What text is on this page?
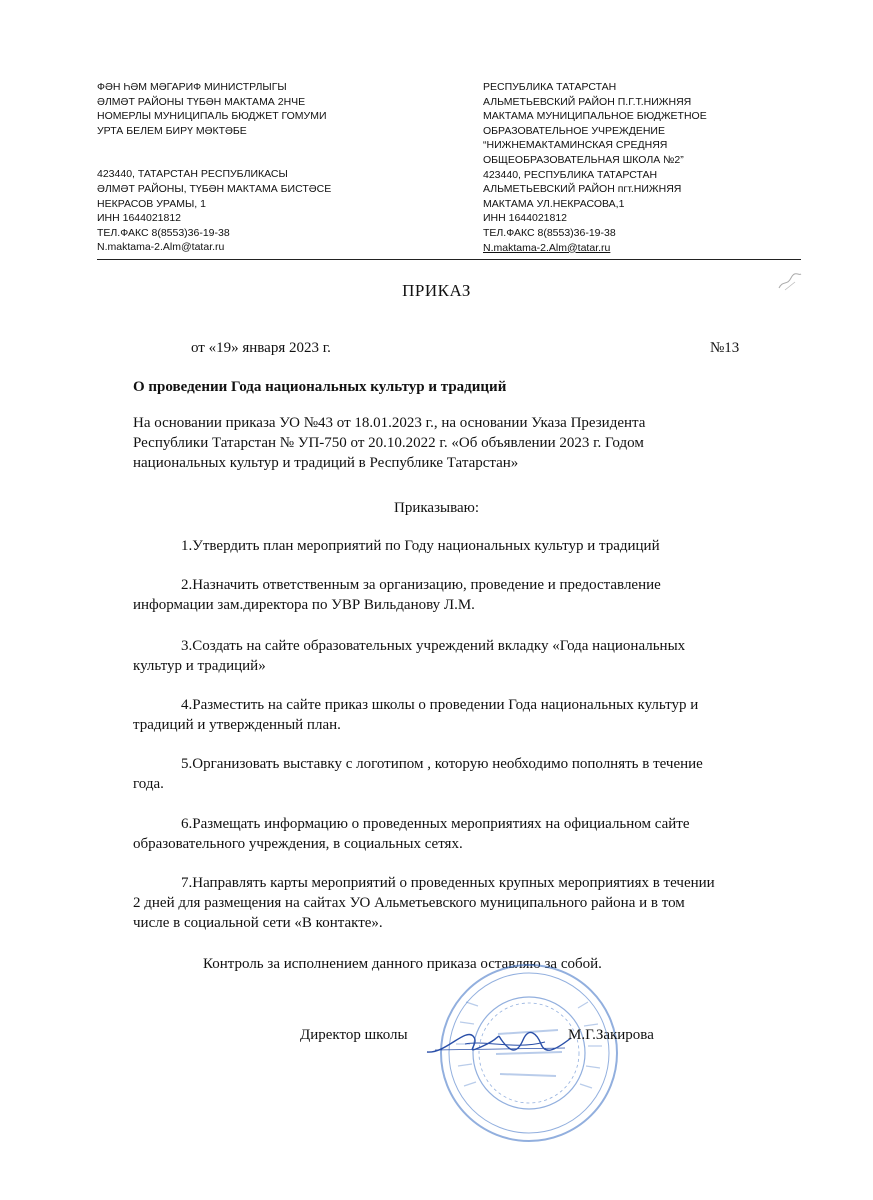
ФӘН ҺӘМ МӘГАРИФ МИНИСТРЛЫГЫ
ӘЛМӘТ РАЙОНЫ ТҮБӘН МАКТАМА 2НЧЕ
НОМЕРЛЫ МУНИЦИПАЛЬ БЮДЖЕТ ГОМУМИ
УРТА БЕЛЕМ БИРҮ МӘКТӘБЕ
423440, ТАТАРСТАН РЕСПУБЛИКАСЫ
ӘЛМӘТ РАЙОНЫ, ТҮБӘН МАКТАМА БИСТӘСЕ
НЕКРАСОВ УРАМЫ, 1
ИНН 1644021812
ТЕЛ.ФАКС 8(8553)36-19-38
N.maktama-2.Alm@tatar.ru
РЕСПУБЛИКА ТАТАРСТАН
АЛЬМЕТЬЕВСКИЙ РАЙОН П.Г.Т.НИЖНЯЯ
МАКТАМА МУНИЦИПАЛЬНОЕ БЮДЖЕТНОЕ
ОБРАЗОВАТЕЛЬНОЕ УЧРЕЖДЕНИЕ
“НИЖНЕМАКТАМИНСКАЯ СРЕДНЯЯ
ОБЩЕОБРАЗОВАТЕЛЬНАЯ ШКОЛА №2”
423440, РЕСПУБЛИКА ТАТАРСТАН
АЛЬМЕТЬЕВСКИЙ РАЙОН пгт.НИЖНЯЯ
МАКТАМА УЛ.НЕКРАСОВА,1
ИНН 1644021812
ТЕЛ.ФАКС 8(8553)36-19-38
N.maktama-2.Alm@tatar.ru
ПРИКАЗ
от «19» января 2023 г.	№13
О проведении Года национальных культур и традиций
На основании приказа УО №43 от 18.01.2023 г., на основании Указа Президента
Республики Татарстан № УП-750 от 20.10.2022 г. «Об объявлении 2023 г. Годом
национальных культур и традиций в Республике Татарстан»
Приказываю:
1.Утвердить план мероприятий по Году национальных культур и традиций
2.Назначить ответственным за организацию, проведение и предоставление
информации зам.директора по УВР Вильданову Л.М.
3.Создать на сайте образовательных учреждений вкладку «Года национальных
культур и традиций»
4.Разместить на сайте приказ школы о проведении Года национальных культур и
традиций и утвержденный план.
5.Организовать выставку с логотипом , которую необходимо пополнять в течение
года.
6.Размещать информацию о проведенных мероприятиях на официальном сайте
образовательного учреждения, в социальных сетях.
7.Направлять карты мероприятий о проведенных крупных мероприятиях в течении
2 дней для размещения на сайтах УО Альметьевского муниципального района и в том
числе в социальной сети «В контакте».
Контроль за исполнением данного приказа оставляю за собой.
Директор школы	М.Г.Закирова
